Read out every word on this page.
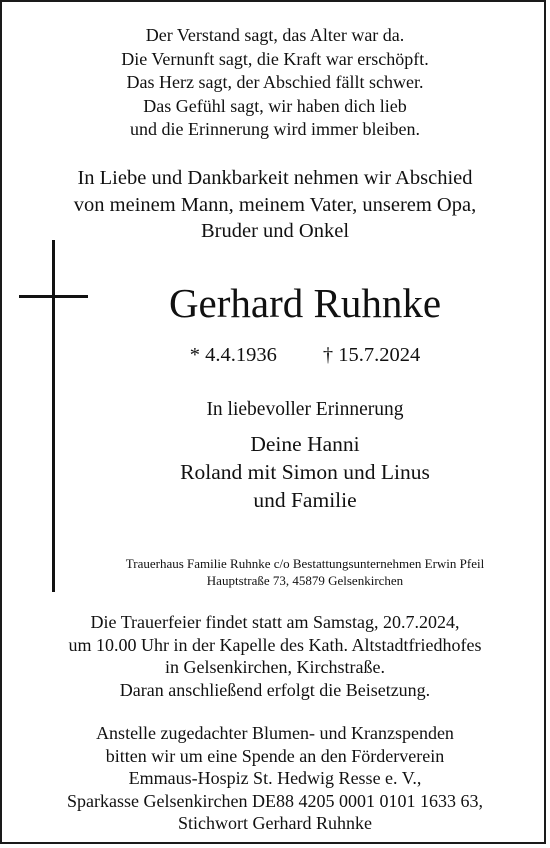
Der Verstand sagt, das Alter war da.
Die Vernunft sagt, die Kraft war erschöpft.
Das Herz sagt, der Abschied fällt schwer.
Das Gefühl sagt, wir haben dich lieb
und die Erinnerung wird immer bleiben.
In Liebe und Dankbarkeit nehmen wir Abschied
von meinem Mann, meinem Vater, unserem Opa,
Bruder und Onkel
Gerhard Ruhnke
* 4.4.1936 † 15.7.2024
In liebevoller Erinnerung
Deine Hanni
Roland mit Simon und Linus
und Familie
Trauerhaus Familie Ruhnke c/o Bestattungsunternehmen Erwin Pfeil
Hauptstraße 73, 45879 Gelsenkirchen
Die Trauerfeier findet statt am Samstag, 20.7.2024,
um 10.00 Uhr in der Kapelle des Kath. Altstadtfriedhofes
in Gelsenkirchen, Kirchstraße.
Daran anschließend erfolgt die Beisetzung.
Anstelle zugedachter Blumen- und Kranzspenden
bitten wir um eine Spende an den Förderverein
Emmaus-Hospiz St. Hedwig Resse e. V.,
Sparkasse Gelsenkirchen DE88 4205 0001 0101 1633 63,
Stichwort Gerhard Ruhnke
